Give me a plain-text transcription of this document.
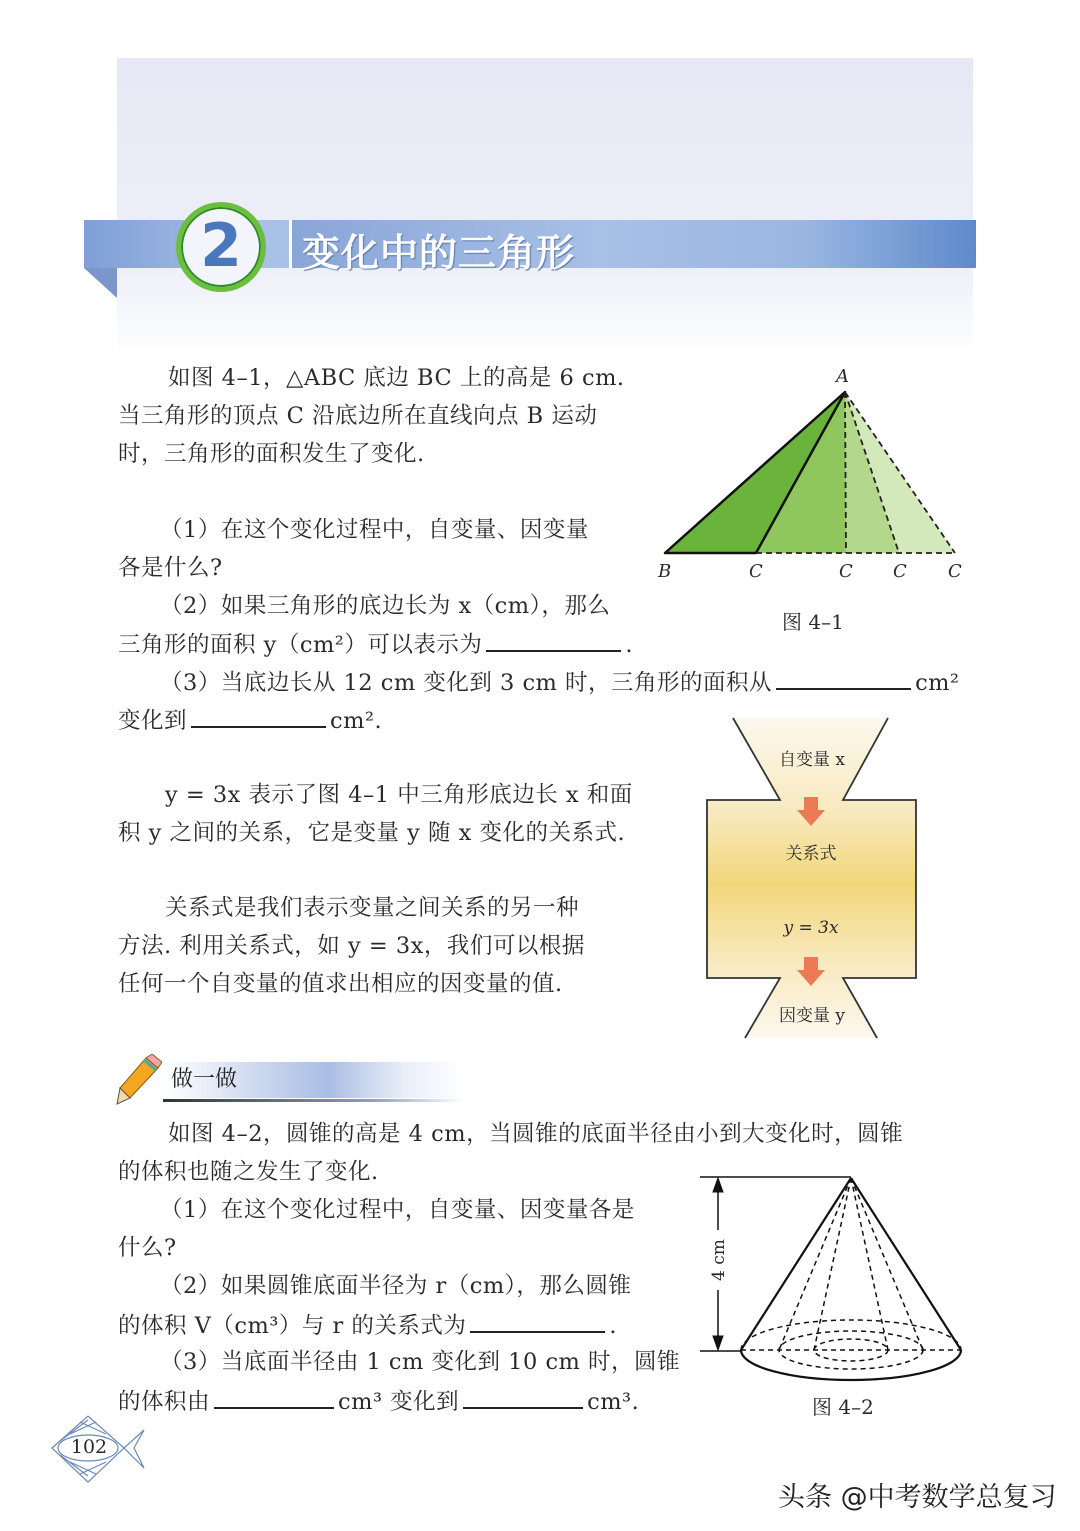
变化中的三角形
2
如图 4–1，△ABC 底边 BC 上的高是 6 cm.
当三角形的顶点 C 沿底边所在直线向点 B 运动
时，三角形的面积发生了变化.
（1）在这个变化过程中，自变量、因变量
各是什么?
（2）如果三角形的底边长为 x（cm），那么
三角形的面积 y（cm²）可以表示为	.
（3）当底边长从 12 cm 变化到 3 cm 时，三角形的面积从	cm²
变化到	cm².
y = 3x 表示了图 4–1 中三角形底边长 x 和面
积 y 之间的关系，它是变量 y 随 x 变化的关系式.
关系式是我们表示变量之间关系的另一种
方法. 利用关系式，如 y = 3x，我们可以根据
任何一个自变量的值求出相应的因变量的值.
A
B	C	C C C
图 4–1
自变量 x
关系式
y = 3x
因变量 y
做一做
如图 4–2，圆锥的高是 4 cm，当圆锥的底面半径由小到大变化时，圆锥
的体积也随之发生了变化.
（1）在这个变化过程中，自变量、因变量各是
什么?
（2）如果圆锥底面半径为 r（cm），那么圆锥
的体积 V（cm³）与 r 的关系式为	.
（3）当底面半径由 1 cm 变化到 10 cm 时，圆锥
的体积由	cm³ 变化到	cm³.
4 cm
图 4–2
102
头条 @中考数学总复习
